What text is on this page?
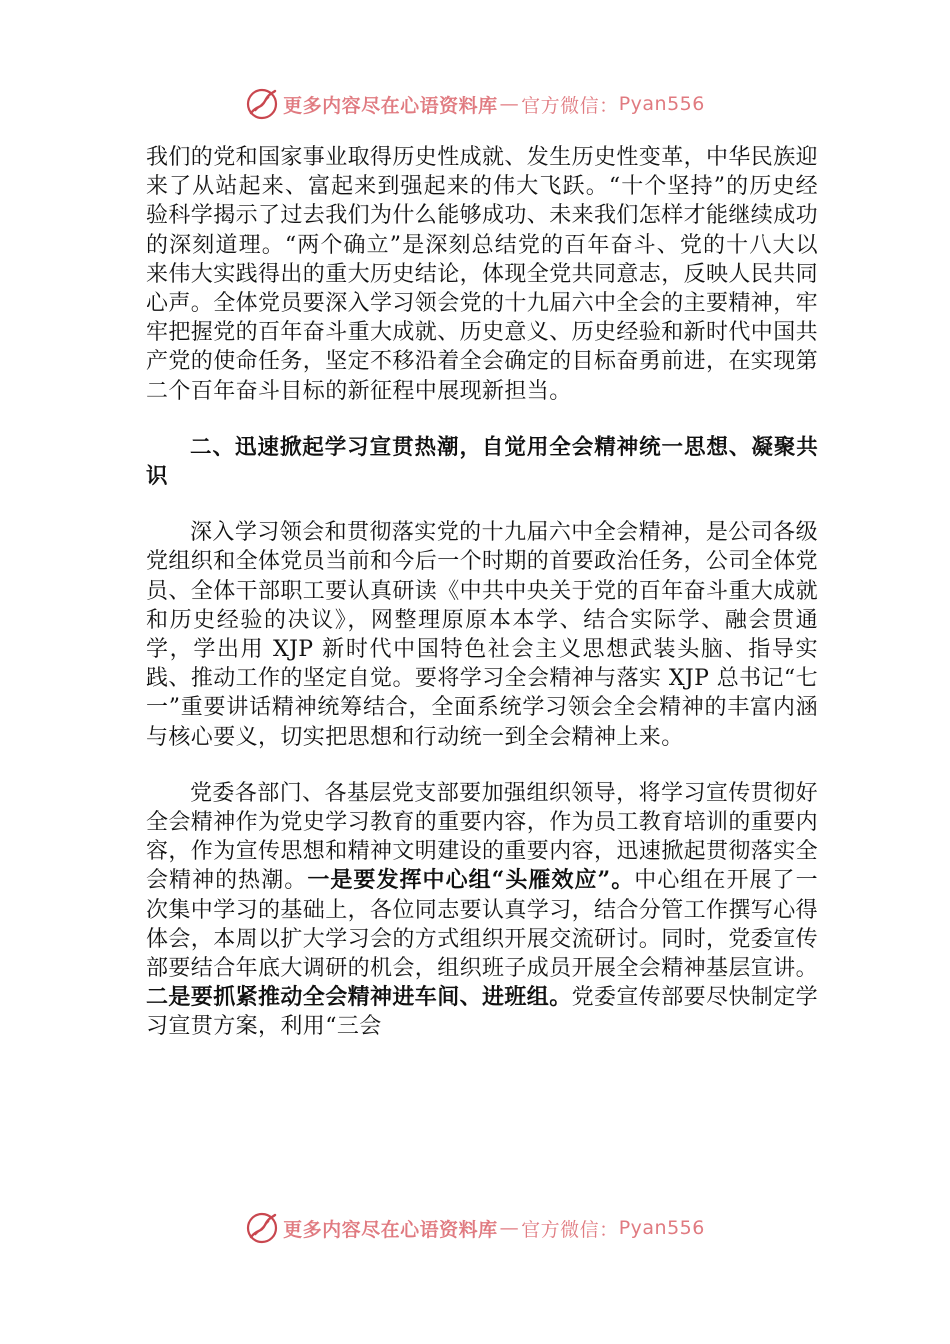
更多内容尽在心语资料库 — 官方微信： Pyan556

我们的党和国家事业取得历史性成就、发生历史性变革，中华民族迎来了从站起来、富起来到强起来的伟大飞跃。“十个坚持”的历史经验科学揭示了过去我们为什么能够成功、未来我们怎样才能继续成功的深刻道理。“两个确立”是深刻总结党的百年奋斗、党的十八大以来伟大实践得出的重大历史结论，体现全党共同意志，反映人民共同心声。全体党员要深入学习领会党的十九届六中全会的主要精神，牢牢把握党的百年奋斗重大成就、历史意义、历史经验和新时代中国共产党的使命任务，坚定不移沿着全会确定的目标奋勇前进，在实现第二个百年奋斗目标的新征程中展现新担当。

二、迅速掀起学习宣贯热潮，自觉用全会精神统一思想、凝聚共识

深入学习领会和贯彻落实党的十九届六中全会精神，是公司各级党组织和全体党员当前和今后一个时期的首要政治任务，公司全体党员、全体干部职工要认真研读《中共中央关于党的百年奋斗重大成就和历史经验的决议》，网整理原原本本学、结合实际学、融会贯通学，学出用 XJP 新时代中国特色社会主义思想武装头脑、指导实践、推动工作的坚定自觉。要将学习全会精神与落实 XJP 总书记“七一”重要讲话精神统筹结合，全面系统学习领会全会精神的丰富内涵与核心要义，切实把思想和行动统一到全会精神上来。

党委各部门、各基层党支部要加强组织领导，将学习宣传贯彻好全会精神作为党史学习教育的重要内容，作为员工教育培训的重要内容，作为宣传思想和精神文明建设的重要内容，迅速掀起贯彻落实全会精神的热潮。一是要发挥中心组“头雁效应”。中心组在开展了一次集中学习的基础上，各位同志要认真学习，结合分管工作撰写心得体会，本周以扩大学习会的方式组织开展交流研讨。同时，党委宣传部要结合年底大调研的机会，组织班子成员开展全会精神基层宣讲。二是要抓紧推动全会精神进车间、进班组。党委宣传部要尽快制定学习宣贯方案，利用“三会

更多内容尽在心语资料库 — 官方微信： Pyan556
